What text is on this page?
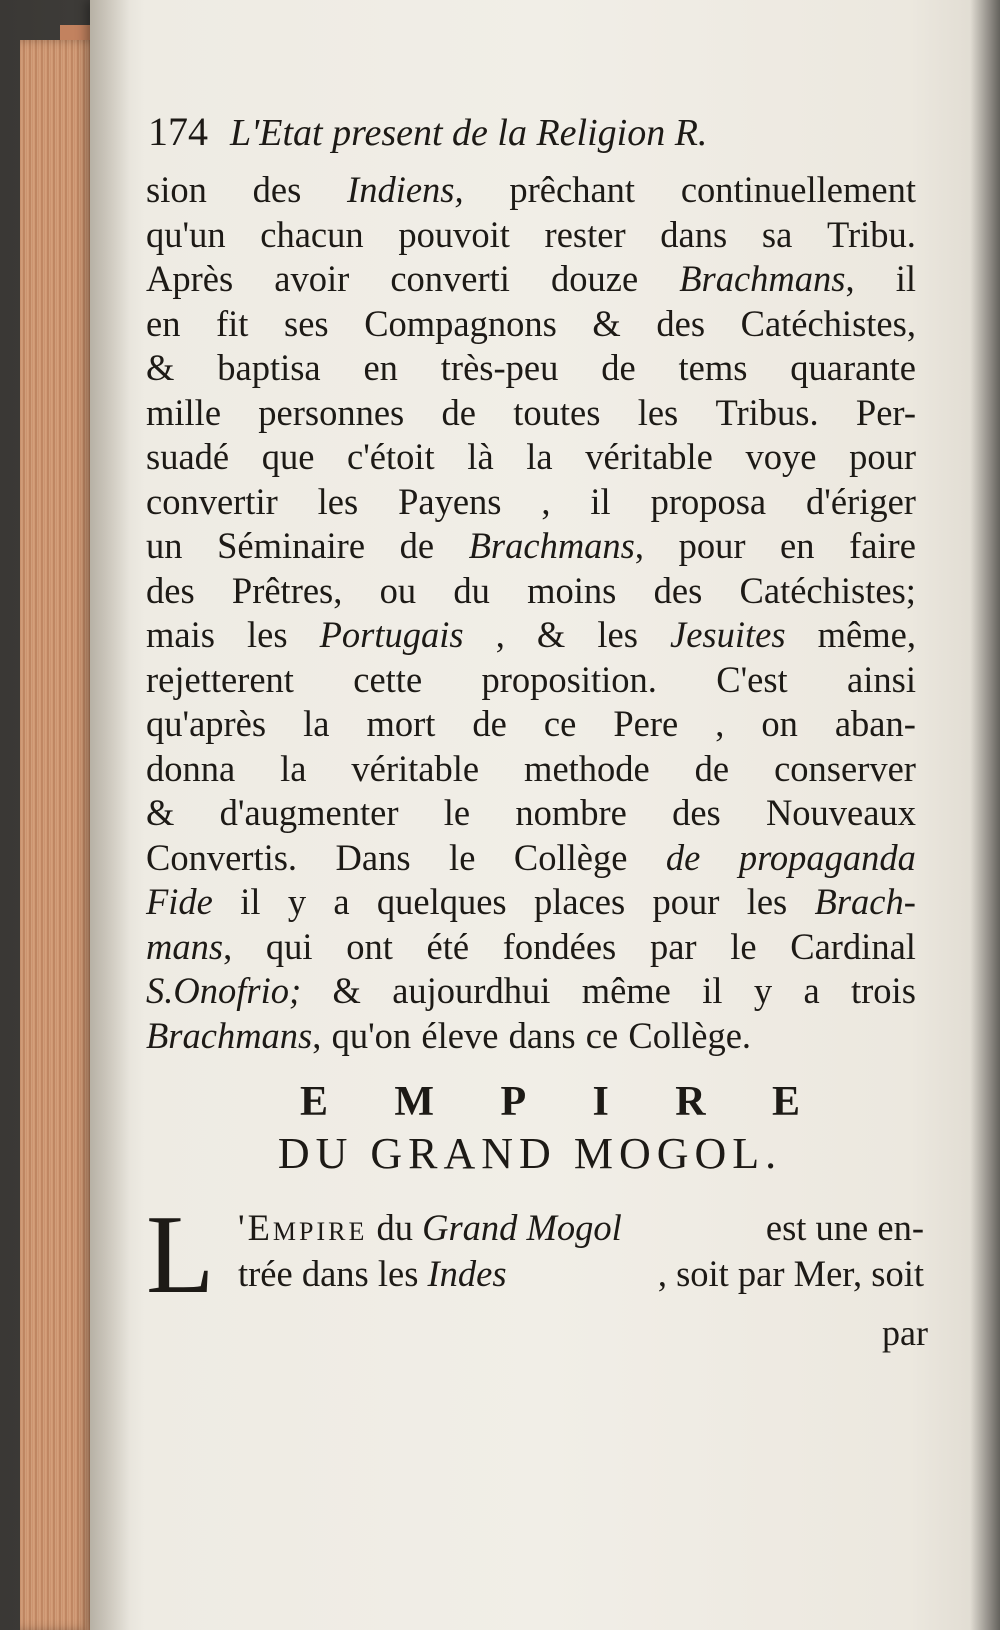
174 L'Etat present de la Religion R.
sion des Indiens, prêchant continuellement
qu'un chacun pouvoit rester dans sa Tribu.
Après avoir converti douze Brachmans, il
en fit ses Compagnons & des Catéchistes,
& baptisa en très-peu de tems quarante
mille personnes de toutes les Tribus. Per-
suadé que c'étoit là la véritable voye pour
convertir les Payens , il proposa d'ériger
un Séminaire de Brachmans, pour en faire
des Prêtres, ou du moins des Catéchistes;
mais les Portugais , & les Jesuites même,
rejetterent cette proposition. C'est ainsi
qu'après la mort de ce Pere , on aban-
donna la véritable methode de conserver
& d'augmenter le nombre des Nouveaux
Convertis. Dans le Collège de propaganda
Fide il y a quelques places pour les Brach-
mans, qui ont été fondées par le Cardinal
S.Onofrio; & aujourdhui même il y a trois
Brachmans, qu'on éleve dans ce Collège.
E M P I R E
DU GRAND MOGOL.
L 'Empire du Grand Mogol	est une en-
trée dans les Indes	, soit par Mer, soit
par
